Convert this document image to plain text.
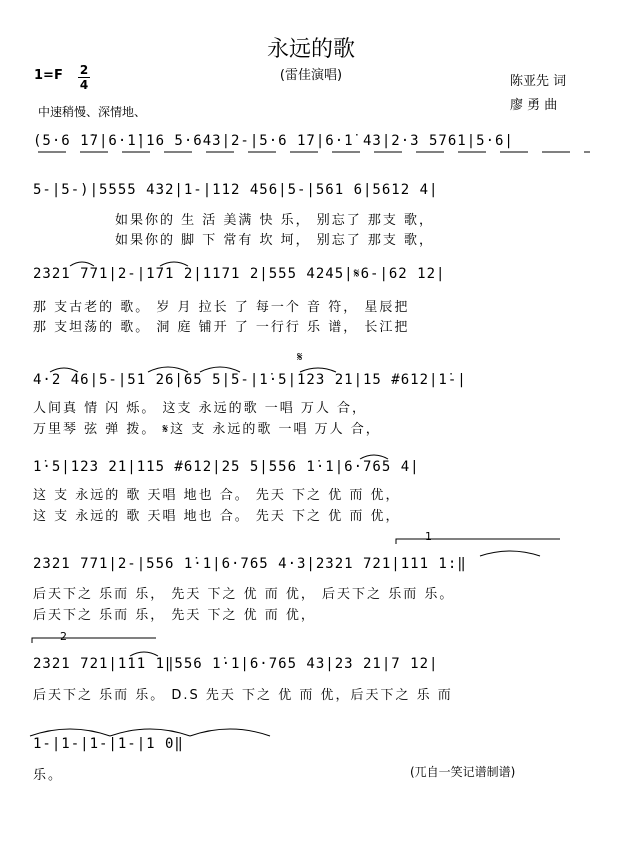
永远的歌
(雷佳演唱)
1=F 2
4
中速稍慢、深情地、
陈亚先 词
廖 勇 曲
(5·6 1̇7|6·1̇|16 5·643|2-|5·6 1̇7|6·1̇ 43|2·3 5761|5·6|
5-|5-)|5555 432|1-|112 456|5-|561 6|5612 4|
如果你的 生 活 美满 快 乐， 别忘了 那支 歌，
如果你的 脚 下 常有 坎 坷， 别忘了 那支 歌，
2321 771|2-|171 2|1171 2|555 4245|𝄋6-|62 12|
那 支古老的 歌。 岁 月 拉长 了 每一个 音 符， 星辰把
那 支坦荡的 歌。 洞 庭 铺开 了 一行行 乐 谱， 长江把
4·2 46|5-|51 26|65 5|5-|1̇·5|123 21|15 #612|1̇-|
人间真 情 闪 烁。 这支 永远的歌 一唱 万人 合，
万里琴 弦 弹 拨。 𝄋这 支 永远的歌 一唱 万人 合，
1̇·5|123 21|115 #612|25 5|556 1̇·1|6·765 4|
这 支 永远的 歌 天唱 地也 合。 先天 下之 优 而 优，
这 支 永远的 歌 天唱 地也 合。 先天 下之 优 而 优，
2321 771|2-|556 1̇·1|6·765 4·3|2321 721|111 1:‖
后天下之 乐而 乐， 先天 下之 优 而 优， 后天下之 乐而 乐。
后天下之 乐而 乐， 先天 下之 优 而 优，
2321 721|111 1‖556 1̇·1|6·765 43|23 21|7 12|
后天下之 乐而 乐。 D.S 先天 下之 优 而 优，后天下之 乐 而
1-|1-|1-|1-|1 0‖
乐。	(兀自一笑记谱制谱)
𝄋
1
2
